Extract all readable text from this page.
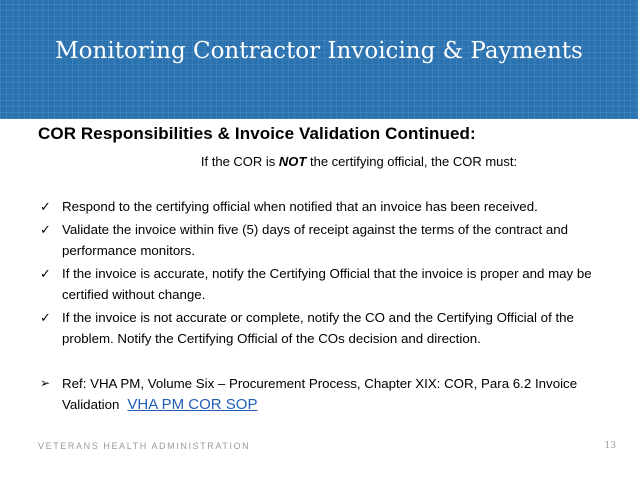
Monitoring Contractor Invoicing & Payments
COR Responsibilities & Invoice Validation Continued:
If the COR is NOT the certifying official, the COR must:
✓ Respond to the certifying official when notified that an invoice has been received.
✓ Validate the invoice within five (5) days of receipt against the terms of the contract and performance monitors.
✓ If the invoice is accurate, notify the Certifying Official that the invoice is proper and may be certified without change.
✓ If the invoice is not accurate or complete, notify the CO and the Certifying Official of the problem. Notify the Certifying Official of the COs decision and direction.
➢ Ref: VHA PM, Volume Six – Procurement Process, Chapter XIX: COR, Para 6.2 Invoice Validation VHA PM COR SOP
VETERANS HEALTH ADMINISTRATION	13
